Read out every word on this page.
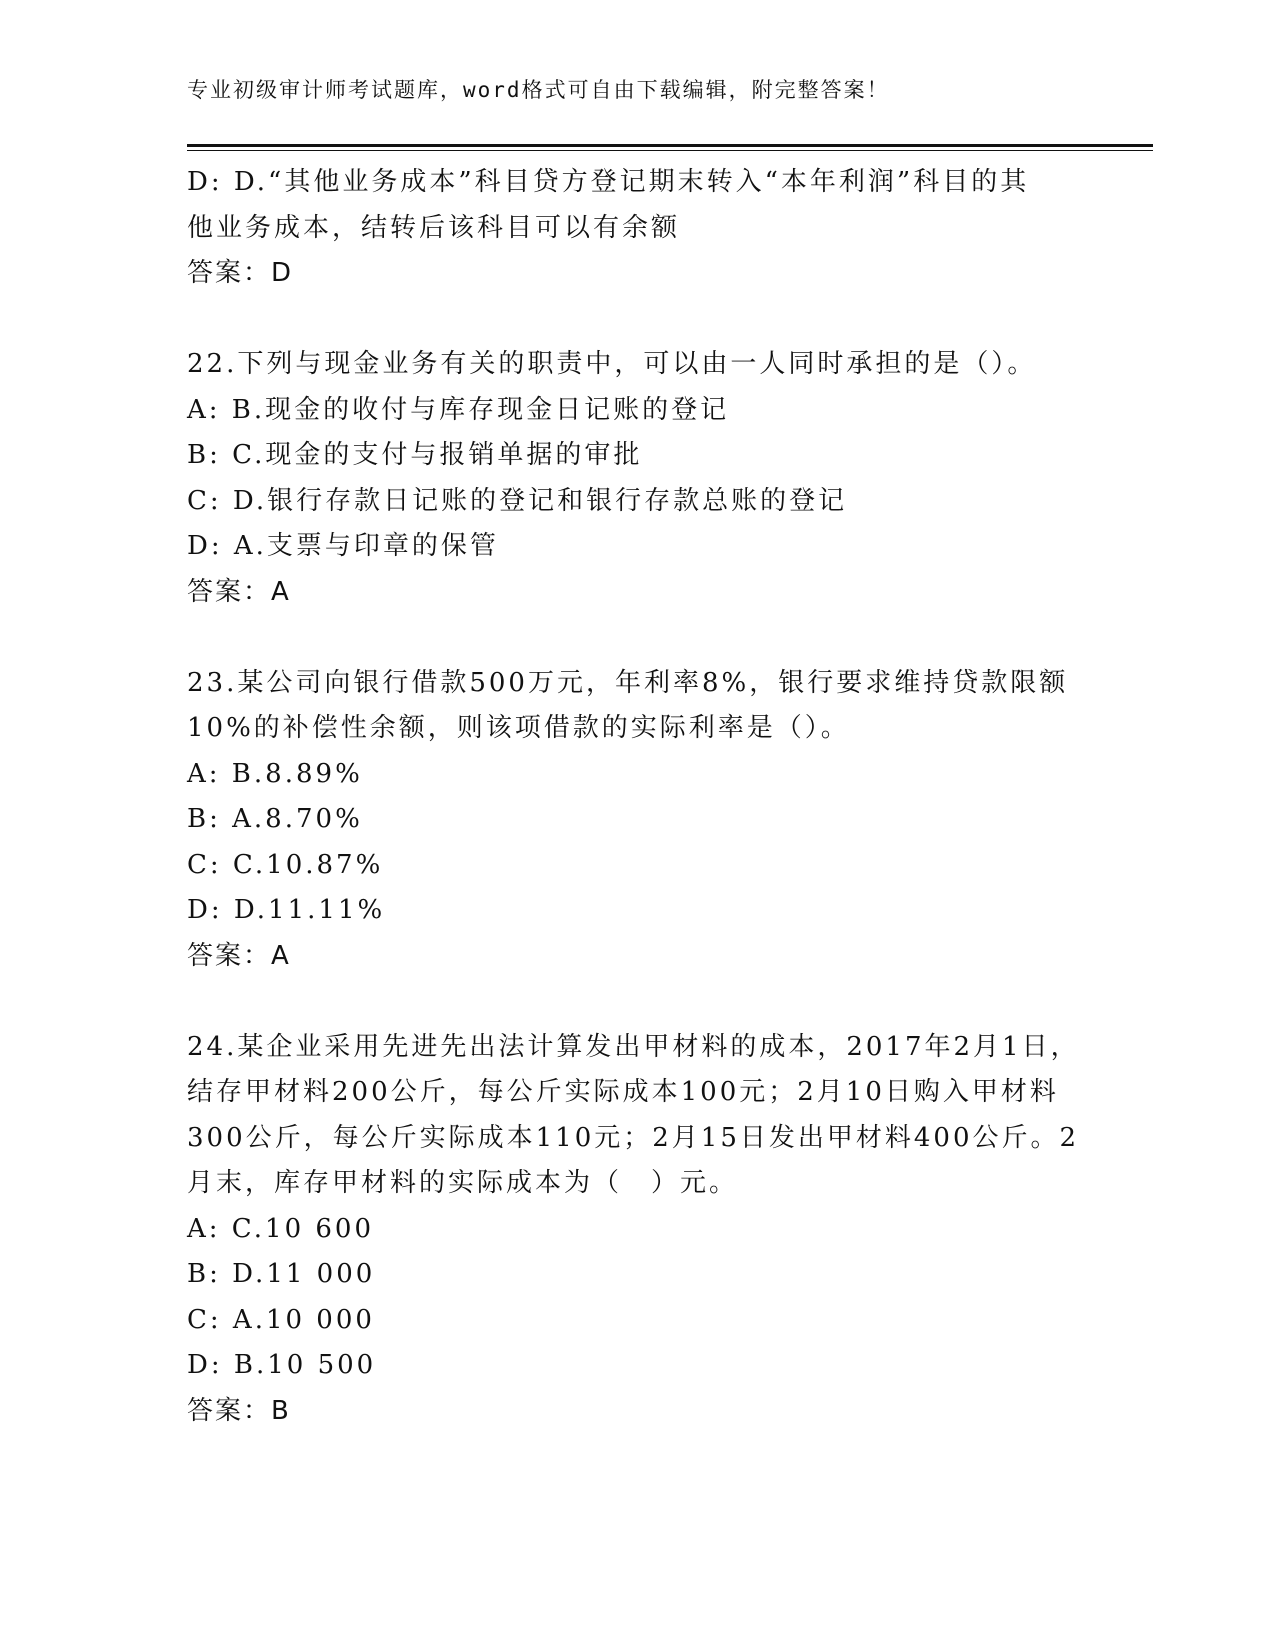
专业初级审计师考试题库，word格式可自由下载编辑，附完整答案！
D: D.“其他业务成本”科目贷方登记期末转入“本年利润”科目的其
他业务成本，结转后该科目可以有余额
答案：D
22.下列与现金业务有关的职责中，可以由一人同时承担的是（）。
A: B.现金的收付与库存现金日记账的登记
B: C.现金的支付与报销单据的审批
C: D.银行存款日记账的登记和银行存款总账的登记
D: A.支票与印章的保管
答案：A
23.某公司向银行借款500万元，年利率8%，银行要求维持贷款限额
10%的补偿性余额，则该项借款的实际利率是（）。
A: B.8.89%
B: A.8.70%
C: C.10.87%
D: D.11.11%
答案：A
24.某企业采用先进先出法计算发出甲材料的成本，2017年2月1日，
结存甲材料200公斤，每公斤实际成本100元；2月10日购入甲材料
300公斤，每公斤实际成本110元；2月15日发出甲材料400公斤。2
月末，库存甲材料的实际成本为（　）元。
A: C.10 600
B: D.11 000
C: A.10 000
D: B.10 500
答案：B
